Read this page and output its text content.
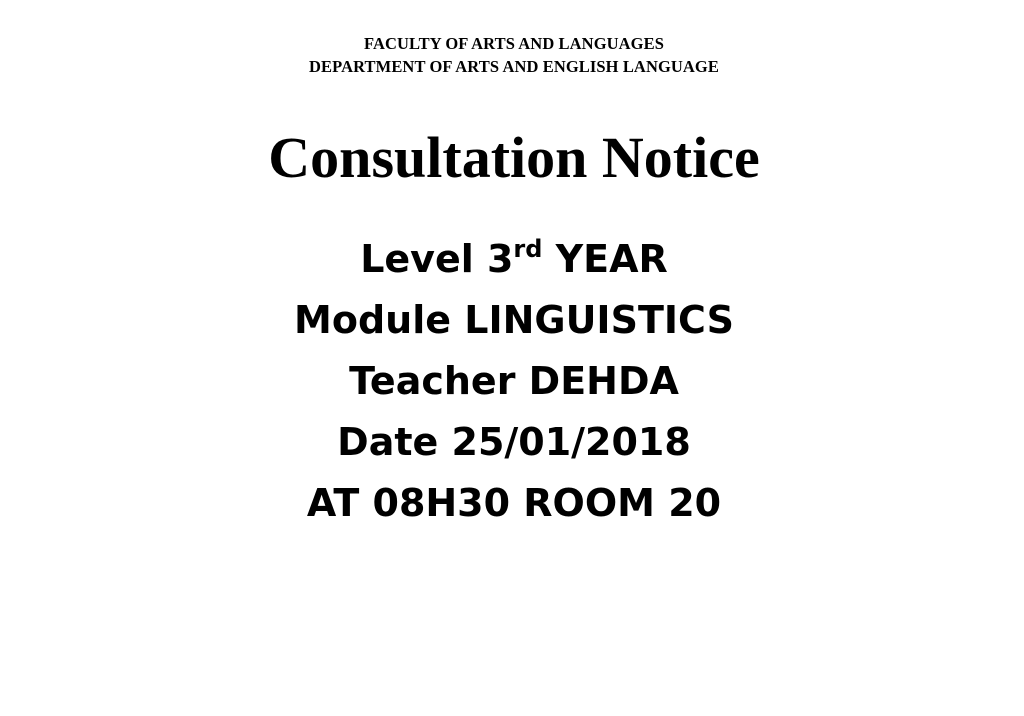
FACULTY OF ARTS AND LANGUAGES
DEPARTMENT OF ARTS AND ENGLISH LANGUAGE
Consultation Notice
Level 3rd YEAR
Module LINGUISTICS
Teacher DEHDA
Date 25/01/2018
AT 08H30 ROOM 20
